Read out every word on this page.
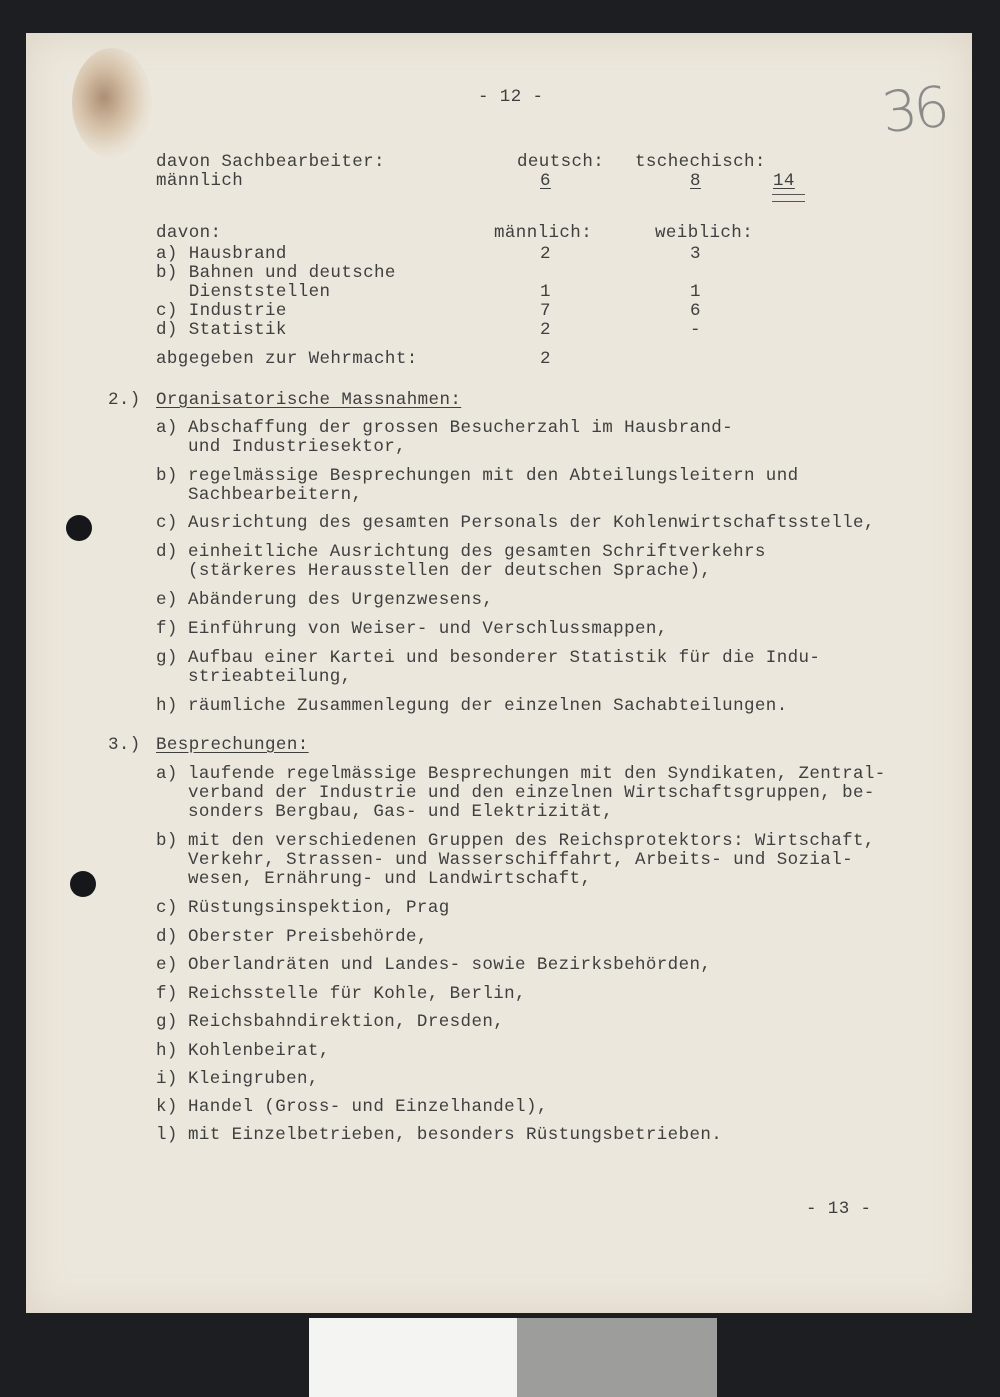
- 12 -	36
davon Sachbearbeiter:	deutsch: tschechisch:
männlich	6	8	14
davon:	männlich:	weiblich:
a) Hausbrand	2	3
b) Bahnen und deutsche
Dienststellen	1	1
c) Industrie	7	6
d) Statistik	2	-
abgegeben zur Wehrmacht:	2
2.) Organisatorische Massnahmen:
a) Abschaffung der grossen Besucherzahl im Hausbrand-
und Industriesektor,
b) regelmässige Besprechungen mit den Abteilungsleitern und
Sachbearbeitern,
c) Ausrichtung des gesamten Personals der Kohlenwirtschaftsstelle,
d) einheitliche Ausrichtung des gesamten Schriftverkehrs
(stärkeres Herausstellen der deutschen Sprache),
e) Abänderung des Urgenzwesens,
f) Einführung von Weiser- und Verschlussmappen,
g) Aufbau einer Kartei und besonderer Statistik für die Indu-
strieabteilung,
h) räumliche Zusammenlegung der einzelnen Sachabteilungen.
3.) Besprechungen:
a) laufende regelmässige Besprechungen mit den Syndikaten, Zentral-
verband der Industrie und den einzelnen Wirtschaftsgruppen, be-
sonders Bergbau, Gas- und Elektrizität,
b) mit den verschiedenen Gruppen des Reichsprotektors: Wirtschaft,
Verkehr, Strassen- und Wasserschiffahrt, Arbeits- und Sozial-
wesen, Ernährung- und Landwirtschaft,
c) Rüstungsinspektion, Prag
d) Oberster Preisbehörde,
e) Oberlandräten und Landes- sowie Bezirksbehörden,
f) Reichsstelle für Kohle, Berlin,
g) Reichsbahndirektion, Dresden,
h) Kohlenbeirat,
i) Kleingruben,
k) Handel (Gross- und Einzelhandel),
l) mit Einzelbetrieben, besonders Rüstungsbetrieben.
- 13 -
